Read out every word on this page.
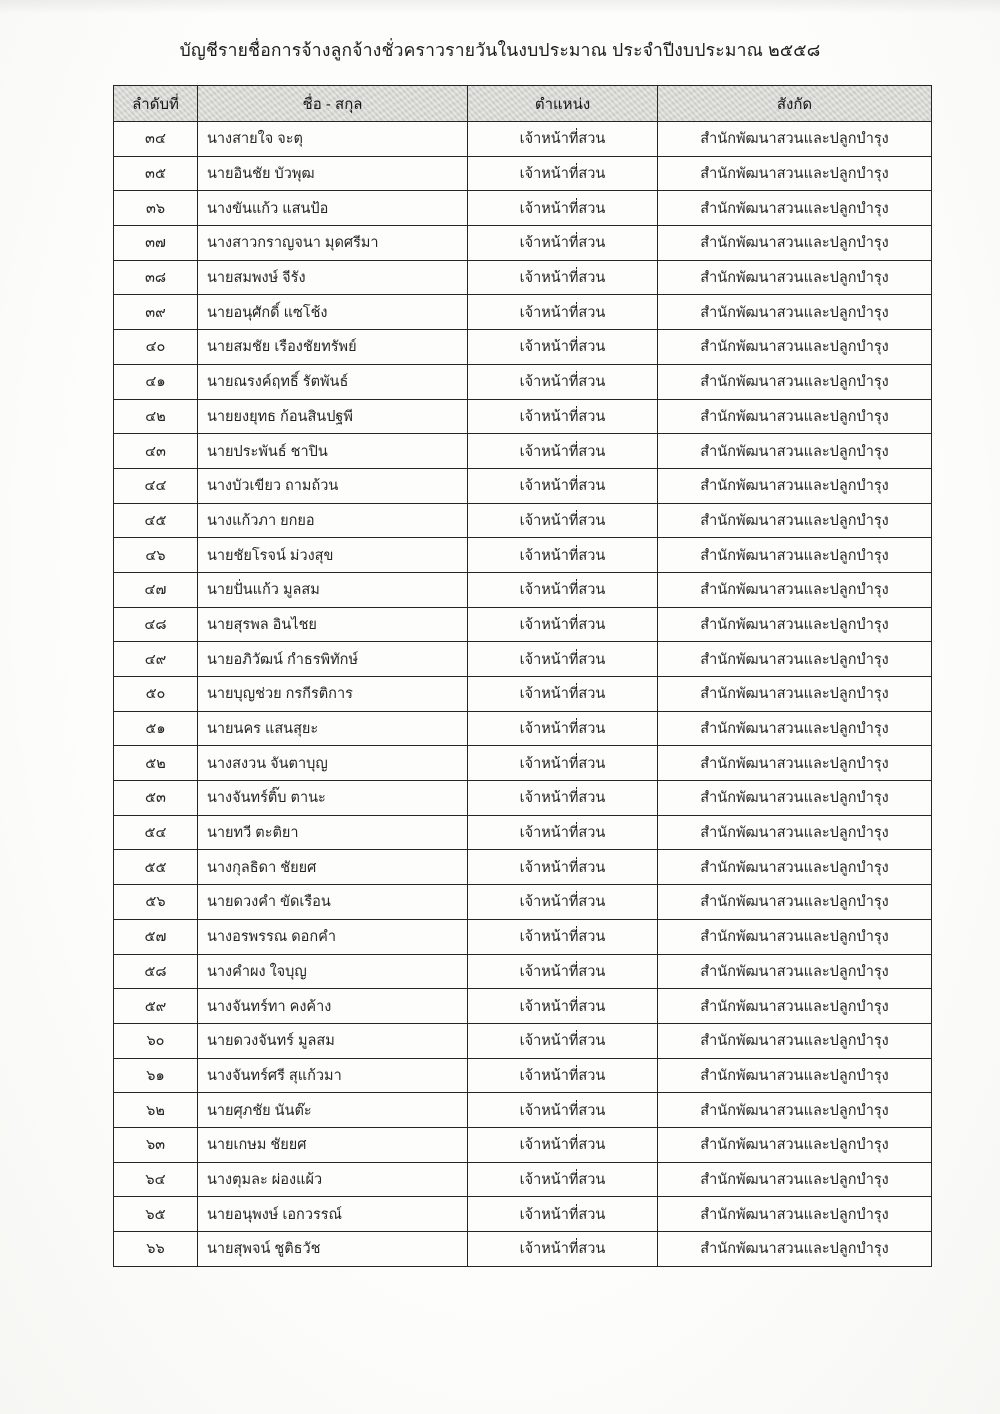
บัญชีรายชื่อการจ้างลูกจ้างชั่วคราวรายวันในงบประมาณ ประจำปีงบประมาณ ๒๕๕๘
ลำดับที่	ชื่อ - สกุล	ตำแหน่ง	สังกัด
๓๔	นางสายใจ จะตุ	เจ้าหน้าที่สวน	สำนักพัฒนาสวนและปลูกบำรุง
๓๕	นายอินชัย บัวพุฒ	เจ้าหน้าที่สวน	สำนักพัฒนาสวนและปลูกบำรุง
๓๖	นางขันแก้ว แสนป้อ	เจ้าหน้าที่สวน	สำนักพัฒนาสวนและปลูกบำรุง
๓๗	นางสาวกราญจนา มุดศรีมา	เจ้าหน้าที่สวน	สำนักพัฒนาสวนและปลูกบำรุง
๓๘	นายสมพงษ์ จีรัง	เจ้าหน้าที่สวน	สำนักพัฒนาสวนและปลูกบำรุง
๓๙	นายอนุศักดิ์ แซโช้ง	เจ้าหน้าที่สวน	สำนักพัฒนาสวนและปลูกบำรุง
๔๐	นายสมชัย เรืองชัยทรัพย์	เจ้าหน้าที่สวน	สำนักพัฒนาสวนและปลูกบำรุง
๔๑	นายณรงค์ฤทธิ์ รัตพันธ์	เจ้าหน้าที่สวน	สำนักพัฒนาสวนและปลูกบำรุง
๔๒	นายยงยุทธ ก้อนสินปฐพี	เจ้าหน้าที่สวน	สำนักพัฒนาสวนและปลูกบำรุง
๔๓	นายประพันธ์ ชาปิน	เจ้าหน้าที่สวน	สำนักพัฒนาสวนและปลูกบำรุง
๔๔	นางบัวเขียว ถามถ้วน	เจ้าหน้าที่สวน	สำนักพัฒนาสวนและปลูกบำรุง
๔๕	นางแก้วภา ยกยอ	เจ้าหน้าที่สวน	สำนักพัฒนาสวนและปลูกบำรุง
๔๖	นายชัยโรจน์ ม่วงสุข	เจ้าหน้าที่สวน	สำนักพัฒนาสวนและปลูกบำรุง
๔๗	นายปั่นแก้ว มูลสม	เจ้าหน้าที่สวน	สำนักพัฒนาสวนและปลูกบำรุง
๔๘	นายสุรพล อินไชย	เจ้าหน้าที่สวน	สำนักพัฒนาสวนและปลูกบำรุง
๔๙	นายอภิวัฒน์ กำธรพิทักษ์	เจ้าหน้าที่สวน	สำนักพัฒนาสวนและปลูกบำรุง
๕๐	นายบุญช่วย กรกีรติการ	เจ้าหน้าที่สวน	สำนักพัฒนาสวนและปลูกบำรุง
๕๑	นายนคร แสนสุยะ	เจ้าหน้าที่สวน	สำนักพัฒนาสวนและปลูกบำรุง
๕๒	นางสงวน จันตาบุญ	เจ้าหน้าที่สวน	สำนักพัฒนาสวนและปลูกบำรุง
๕๓	นางจันทร์ติ๊บ ตานะ	เจ้าหน้าที่สวน	สำนักพัฒนาสวนและปลูกบำรุง
๕๔	นายทวี ตะติยา	เจ้าหน้าที่สวน	สำนักพัฒนาสวนและปลูกบำรุง
๕๕	นางกุลธิดา ชัยยศ	เจ้าหน้าที่สวน	สำนักพัฒนาสวนและปลูกบำรุง
๕๖	นายดวงคำ ขัดเรือน	เจ้าหน้าที่สวน	สำนักพัฒนาสวนและปลูกบำรุง
๕๗	นางอรพรรณ ดอกคำ	เจ้าหน้าที่สวน	สำนักพัฒนาสวนและปลูกบำรุง
๕๘	นางคำผง ใจบุญ	เจ้าหน้าที่สวน	สำนักพัฒนาสวนและปลูกบำรุง
๕๙	นางจันทร์ทา คงค้าง	เจ้าหน้าที่สวน	สำนักพัฒนาสวนและปลูกบำรุง
๖๐	นายดวงจันทร์ มูลสม	เจ้าหน้าที่สวน	สำนักพัฒนาสวนและปลูกบำรุง
๖๑	นางจันทร์ศรี สุแก้วมา	เจ้าหน้าที่สวน	สำนักพัฒนาสวนและปลูกบำรุง
๖๒	นายศุภชัย นันต๊ะ	เจ้าหน้าที่สวน	สำนักพัฒนาสวนและปลูกบำรุง
๖๓	นายเกษม ชัยยศ	เจ้าหน้าที่สวน	สำนักพัฒนาสวนและปลูกบำรุง
๖๔	นางตุมละ ผ่องแผ้ว	เจ้าหน้าที่สวน	สำนักพัฒนาสวนและปลูกบำรุง
๖๕	นายอนุพงษ์ เอกวรรณ์	เจ้าหน้าที่สวน	สำนักพัฒนาสวนและปลูกบำรุง
๖๖	นายสุพจน์ ชูติธวัช	เจ้าหน้าที่สวน	สำนักพัฒนาสวนและปลูกบำรุง
